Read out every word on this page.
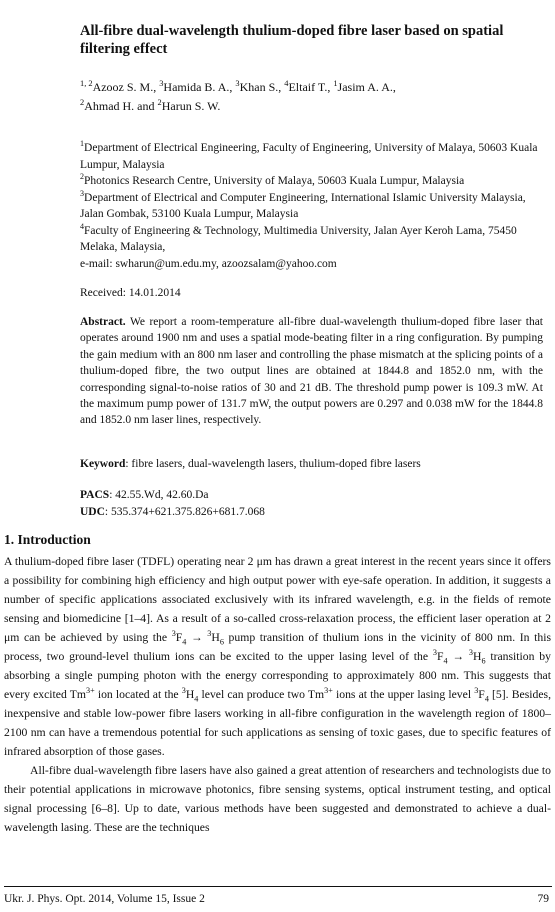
All-fibre dual-wavelength thulium-doped fibre laser based on spatial filtering effect
$^{1, 2}$Azooz S. M., $^3$Hamida B. A., $^3$Khan S., $^4$Eltaif T., $^1$Jasim A. A.,
$^2$Ahmad H. and $^2$Harun S. W.
$^1$Department of Electrical Engineering, Faculty of Engineering, University of Malaya, 50603 Kuala Lumpur, Malaysia
$^2$Photonics Research Centre, University of Malaya, 50603 Kuala Lumpur, Malaysia
$^3$Department of Electrical and Computer Engineering, International Islamic University Malaysia, Jalan Gombak, 53100 Kuala Lumpur, Malaysia
$^4$Faculty of Engineering & Technology, Multimedia University, Jalan Ayer Keroh Lama, 75450 Melaka, Malaysia,
e-mail: swharun@um.edu.my, azoozsalam@yahoo.com
Received: 14.01.2014
Abstract. We report a room-temperature all-fibre dual-wavelength thulium-doped fibre laser that operates around 1900 nm and uses a spatial mode-beating filter in a ring configuration. By pumping the gain medium with an 800 nm laser and controlling the phase mismatch at the splicing points of a thulium-doped fibre, the two output lines are obtained at 1844.8 and 1852.0 nm, with the corresponding signal-to-noise ratios of 30 and 21 dB. The threshold pump power is 109.3 mW. At the maximum pump power of 131.7 mW, the output powers are 0.297 and 0.038 mW for the 1844.8 and 1852.0 nm laser lines, respectively.
Keyword: fibre lasers, dual-wavelength lasers, thulium-doped fibre lasers
PACS: 42.55.Wd, 42.60.Da
UDC: 535.374+621.375.826+681.7.068
1. Introduction

A thulium-doped fibre laser (TDFL) operating near 2 μm has drawn a great interest in the recent years since it offers a possibility for combining high efficiency and high output power with eye-safe operation. In addition, it suggests a number of specific applications associated exclusively with its infrared wavelength, e.g. in the fields of remote sensing and biomedicine [1–4]. As a result of a so-called cross-relaxation process, the efficient laser operation at 2 μm can be achieved by using the $^3F_4 \to ^3H_6$ pump transition of thulium ions in the vicinity of 800 nm. In this process, two ground-level thulium ions can be excited to the upper lasing level of the $^3F_4 \to ^3H_6$ transition by absorbing a single pumping photon with the energy corresponding to approximately 800 nm. This suggests that every excited $Tm^{3+}$ ion located at the $^3H_4$ level can produce two $Tm^{3+}$ ions at the upper lasing level $^3F_4$ [5]. Besides, inexpensive and stable low-power fibre lasers working in all-fibre configuration in the wavelength region of 1800–2100 nm can have a tremendous potential for such applications as sensing of toxic gases, due to specific features of infrared absorption of those gases.

All-fibre dual-wavelength fibre lasers have also gained a great attention of researchers and technologists due to their potential applications in microwave photonics, fibre sensing systems, optical instrument testing, and optical signal processing [6–8]. Up to date, various methods have been suggested and demonstrated to achieve a dual-wavelength lasing. These are the techniques

Ukr. J. Phys. Opt. 2014, Volume 15, Issue 2	79
